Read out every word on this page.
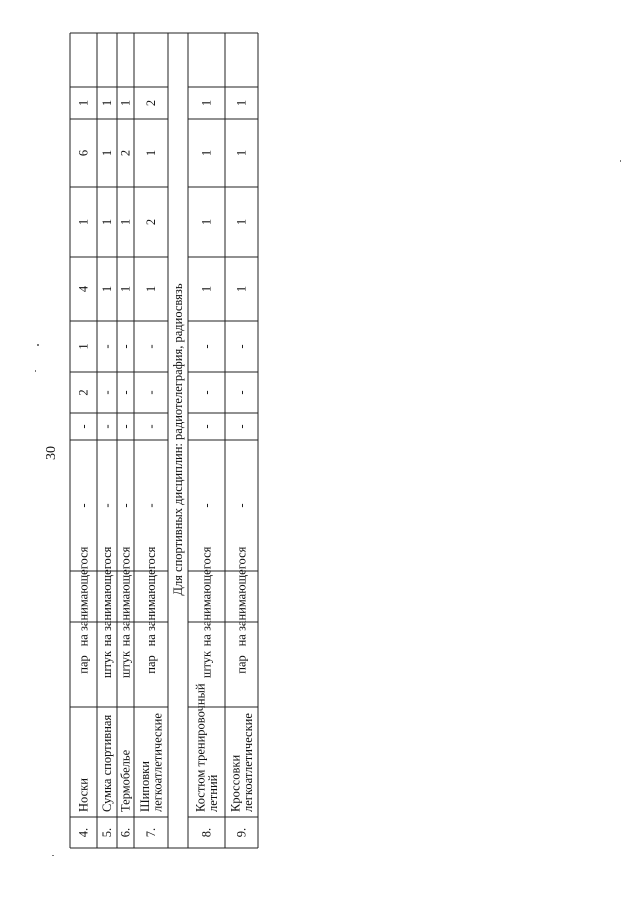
30
4.
Носки
пар
на занимающегося
-
-
2
1
4
1
6
1
5.
Сумка спортивная
штук
на занимающегося
-
-
-
-
1
1
1
1
6.
Термобелье
штук
на занимающегося
-
-
-
-
1
1
2
1
7.
Шиповки
легкоатлетические
пар
на занимающегося
-
-
-
-
1
2
1
2
Для спортивных дисциплин: радиотелеграфия, радиосвязь
8.
Костюм тренировочный
летний
штук
на занимающегося
-
-
-
-
1
1
1
1
9.
Кроссовки
легкоатлетические
пар
на занимающегося
-
-
-
-
1
1
1
1
